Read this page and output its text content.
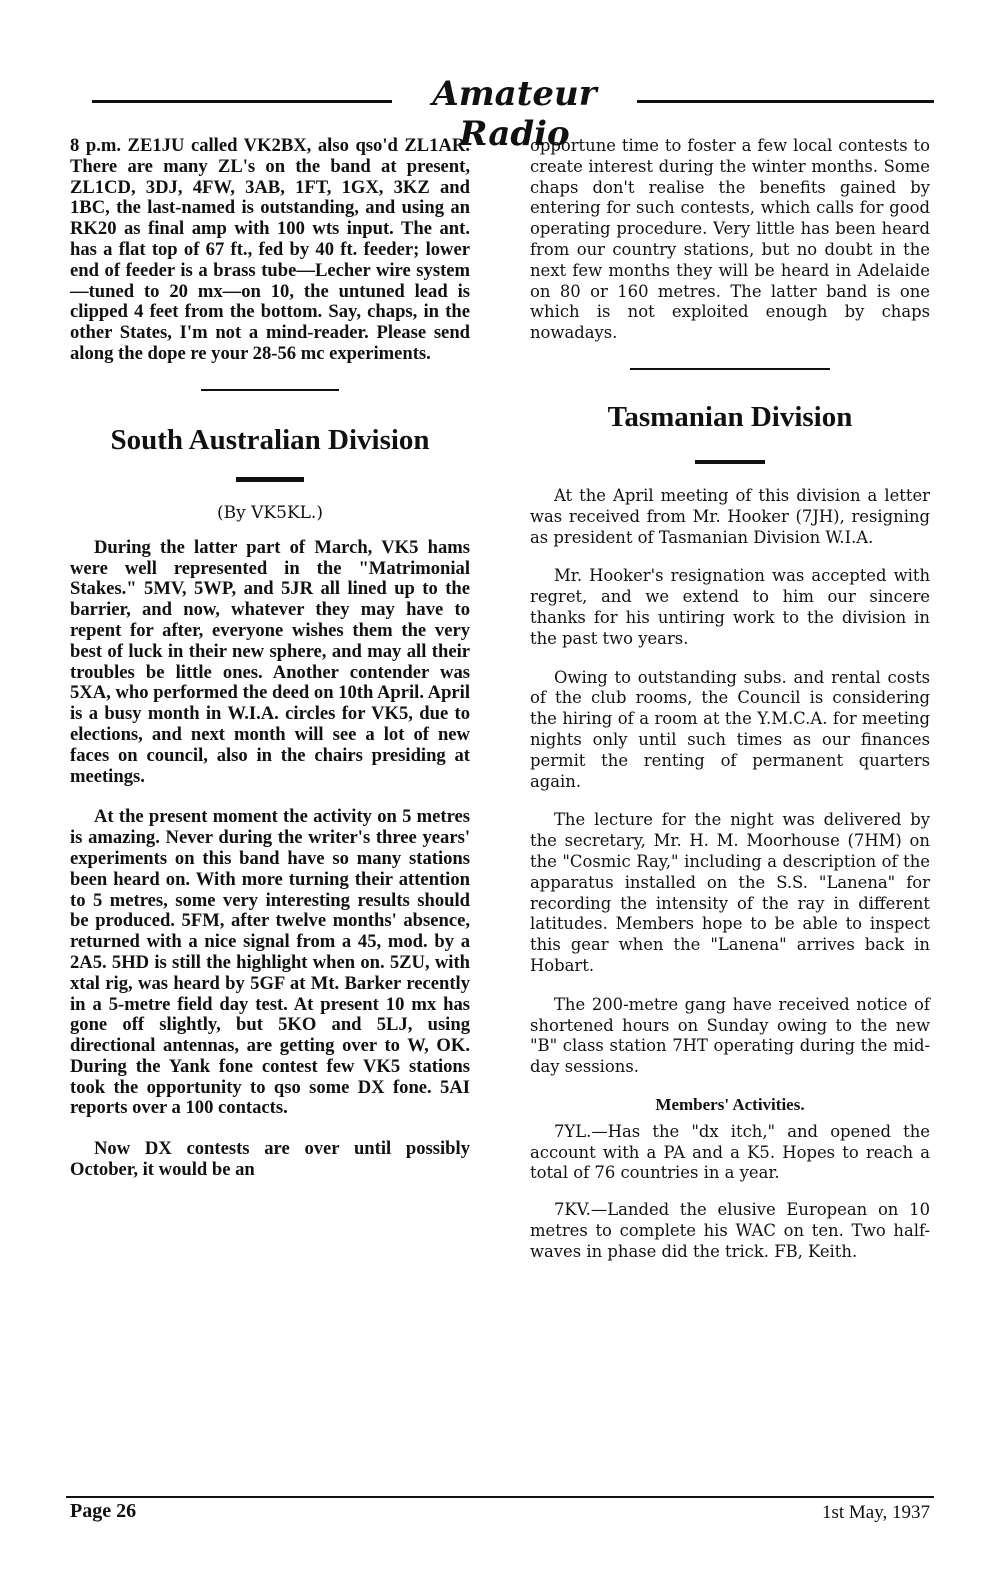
Amateur Radio

8 p.m. ZE1JU called VK2BX, also qso'd ZL1AR. There are many ZL's on the band at present, ZL1CD, 3DJ, 4FW, 3AB, 1FT, 1GX, 3KZ and 1BC, the last-named is outstanding, and using an RK20 as final amp with 100 wts input. The ant. has a flat top of 67 ft., fed by 40 ft. feeder; lower end of feeder is a brass tube—Lecher wire system—tuned to 20 mx—on 10, the untuned lead is clipped 4 feet from the bottom. Say, chaps, in the other States, I'm not a mind-reader. Please send along the dope re your 28-56 mc experiments.

South Australian Division
(By VK5KL.)

During the latter part of March, VK5 hams were well represented in the "Matrimonial Stakes." 5MV, 5WP, and 5JR all lined up to the barrier, and now, whatever they may have to repent for after, everyone wishes them the very best of luck in their new sphere, and may all their troubles be little ones. Another contender was 5XA, who performed the deed on 10th April. April is a busy month in W.I.A. circles for VK5, due to elections, and next month will see a lot of new faces on council, also in the chairs presiding at meetings.

At the present moment the activity on 5 metres is amazing. Never during the writer's three years' experiments on this band have so many stations been heard on. With more turning their attention to 5 metres, some very interesting results should be produced. 5FM, after twelve months' absence, returned with a nice signal from a 45, mod. by a 2A5. 5HD is still the highlight when on. 5ZU, with xtal rig, was heard by 5GF at Mt. Barker recently in a 5-metre field day test. At present 10 mx has gone off slightly, but 5KO and 5LJ, using directional antennas, are getting over to W, OK. During the Yank fone contest few VK5 stations took the opportunity to qso some DX fone. 5AI reports over a 100 contacts.

Now DX contests are over until possibly October, it would be an

opportune time to foster a few local contests to create interest during the winter months. Some chaps don't realise the benefits gained by entering for such contests, which calls for good operating procedure. Very little has been heard from our country stations, but no doubt in the next few months they will be heard in Adelaide on 80 or 160 metres. The latter band is one which is not exploited enough by chaps nowadays.

Tasmanian Division

At the April meeting of this division a letter was received from Mr. Hooker (7JH), resigning as president of Tasmanian Division W.I.A.

Mr. Hooker's resignation was accepted with regret, and we extend to him our sincere thanks for his untiring work to the division in the past two years.

Owing to outstanding subs. and rental costs of the club rooms, the Council is considering the hiring of a room at the Y.M.C.A. for meeting nights only until such times as our finances permit the renting of permanent quarters again.

The lecture for the night was delivered by the secretary, Mr. H. M. Moorhouse (7HM) on the "Cosmic Ray," including a description of the apparatus installed on the S.S. "Lanena" for recording the intensity of the ray in different latitudes. Members hope to be able to inspect this gear when the "Lanena" arrives back in Hobart.

The 200-metre gang have received notice of shortened hours on Sunday owing to the new "B" class station 7HT operating during the mid-day sessions.

Members' Activities.

7YL.—Has the "dx itch," and opened the account with a PA and a K5. Hopes to reach a total of 76 countries in a year.

7KV.—Landed the elusive European on 10 metres to complete his WAC on ten. Two half-waves in phase did the trick. FB, Keith.

Page 26	1st May, 1937
